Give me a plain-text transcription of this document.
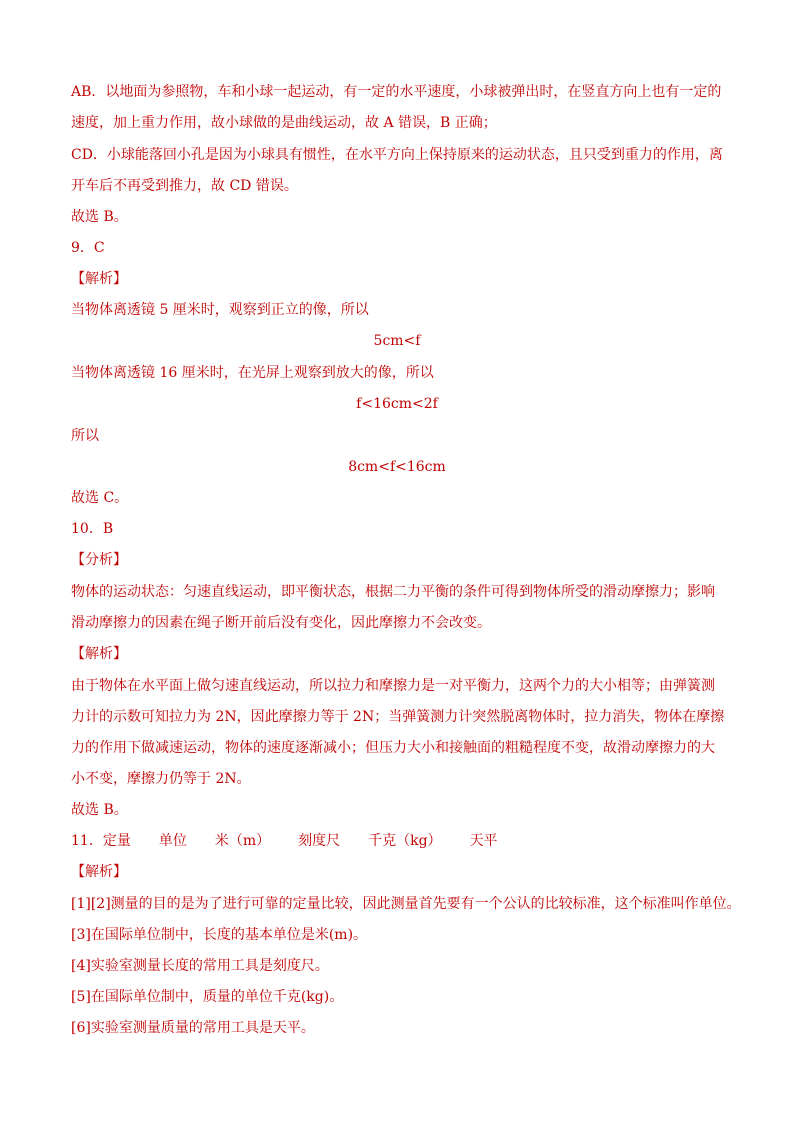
AB．以地面为参照物，车和小球一起运动，有一定的水平速度，小球被弹出时，在竖直方向上也有一定的
速度，加上重力作用，故小球做的是曲线运动，故 A 错误，B 正确；
CD．小球能落回小孔是因为小球具有惯性，在水平方向上保持原来的运动状态，且只受到重力的作用，离
开车后不再受到推力，故 CD 错误。
故选 B。
9．C
【解析】
当物体离透镜 5 厘米时，观察到正立的像，所以
5cm<f
当物体离透镜 16 厘米时，在光屏上观察到放大的像，所以
f<16cm<2f
所以
8cm<f<16cm
故选 C。
10．B
【分析】
物体的运动状态：匀速直线运动，即平衡状态，根据二力平衡的条件可得到物体所受的滑动摩擦力；影响
滑动摩擦力的因素在绳子断开前后没有变化，因此摩擦力不会改变。
【解析】
由于物体在水平面上做匀速直线运动，所以拉力和摩擦力是一对平衡力，这两个力的大小相等；由弹簧测
力计的示数可知拉力为 2N，因此摩擦力等于 2N；当弹簧测力计突然脱离物体时，拉力消失，物体在摩擦
力的作用下做减速运动，物体的速度逐渐减小；但压力大小和接触面的粗糙程度不变，故滑动摩擦力的大
小不变，摩擦力仍等于 2N。
故选 B。
11．定量 单位 米（m） 刻度尺 千克（kg） 天平
【解析】
[1][2]测量的目的是为了进行可靠的定量比较，因此测量首先要有一个公认的比较标准，这个标准叫作单位。
[3]在国际单位制中，长度的基本单位是米(m)。
[4]实验室测量长度的常用工具是刻度尺。
[5]在国际单位制中，质量的单位千克(kg)。
[6]实验室测量质量的常用工具是天平。
